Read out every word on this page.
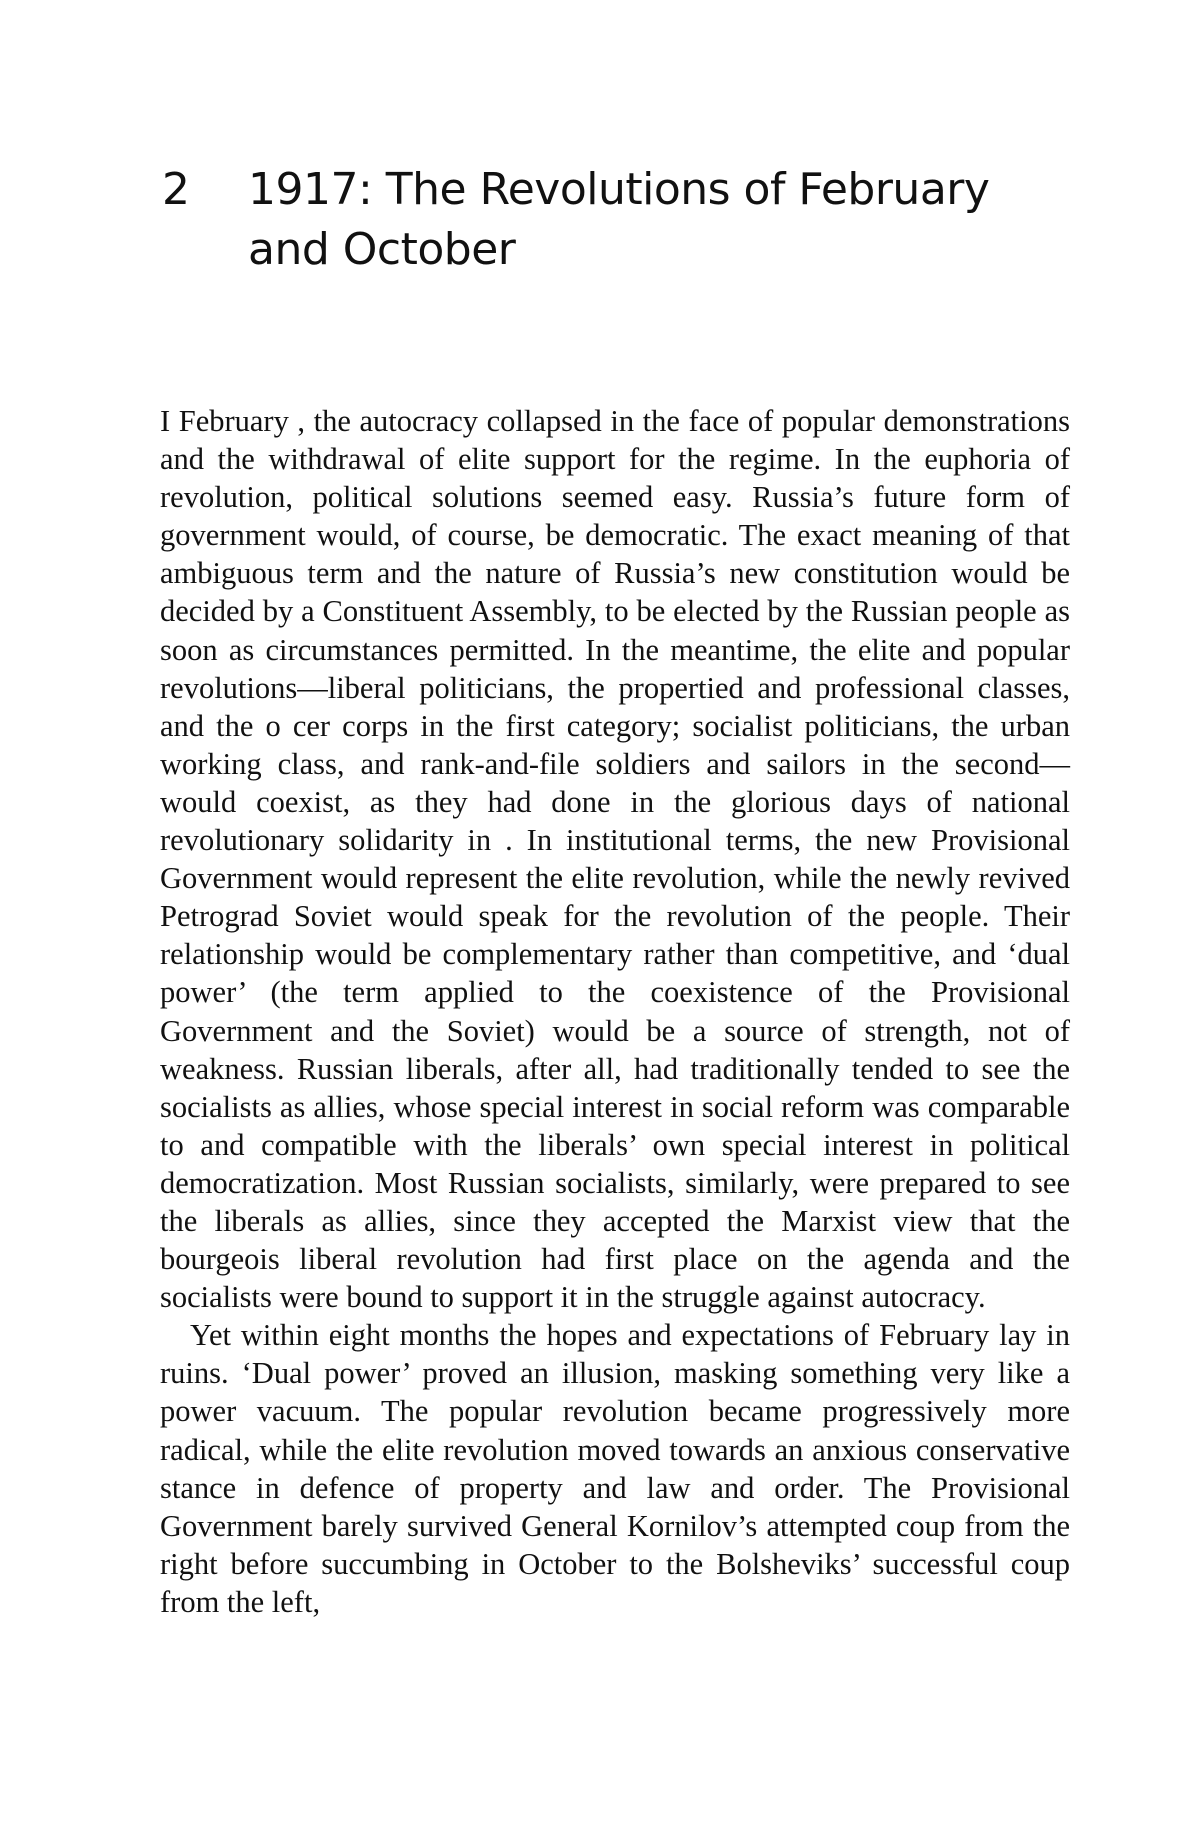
2 1917: The Revolutions of February and October

I February , the autocracy collapsed in the face of popular demonstrations and the withdrawal of elite support for the regime. In the euphoria of revolution, political solutions seemed easy. Russia’s future form of government would, of course, be democratic. The exact meaning of that ambiguous term and the nature of Russia’s new constitution would be decided by a Constituent Assembly, to be elected by the Russian people as soon as circumstances permitted. In the meantime, the elite and popular revolutions—liberal politicians, the propertied and professional classes, and the o cer corps in the first category; socialist politicians, the urban working class, and rank-and-file soldiers and sailors in the second—would coexist, as they had done in the glorious days of national revolutionary solidarity in . In institutional terms, the new Provisional Government would represent the elite revolution, while the newly revived Petrograd Soviet would speak for the revolution of the people. Their relationship would be complementary rather than competitive, and ‘dual power’ (the term applied to the coexistence of the Provisional Government and the Soviet) would be a source of strength, not of weakness. Russian liberals, after all, had traditionally tended to see the socialists as allies, whose special interest in social reform was comparable to and compatible with the liberals’ own special interest in political democratization. Most Russian socialists, similarly, were prepared to see the liberals as allies, since they accepted the Marxist view that the bourgeois liberal revolution had first place on the agenda and the socialists were bound to support it in the struggle against autocracy.

Yet within eight months the hopes and expectations of February lay in ruins. ‘Dual power’ proved an illusion, masking something very like a power vacuum. The popular revolution became progressively more radical, while the elite revolution moved towards an anxious conservative stance in defence of property and law and order. The Provisional Government barely survived General Kornilov’s attempted coup from the right before succumbing in October to the Bolsheviks’ successful coup from the left,
